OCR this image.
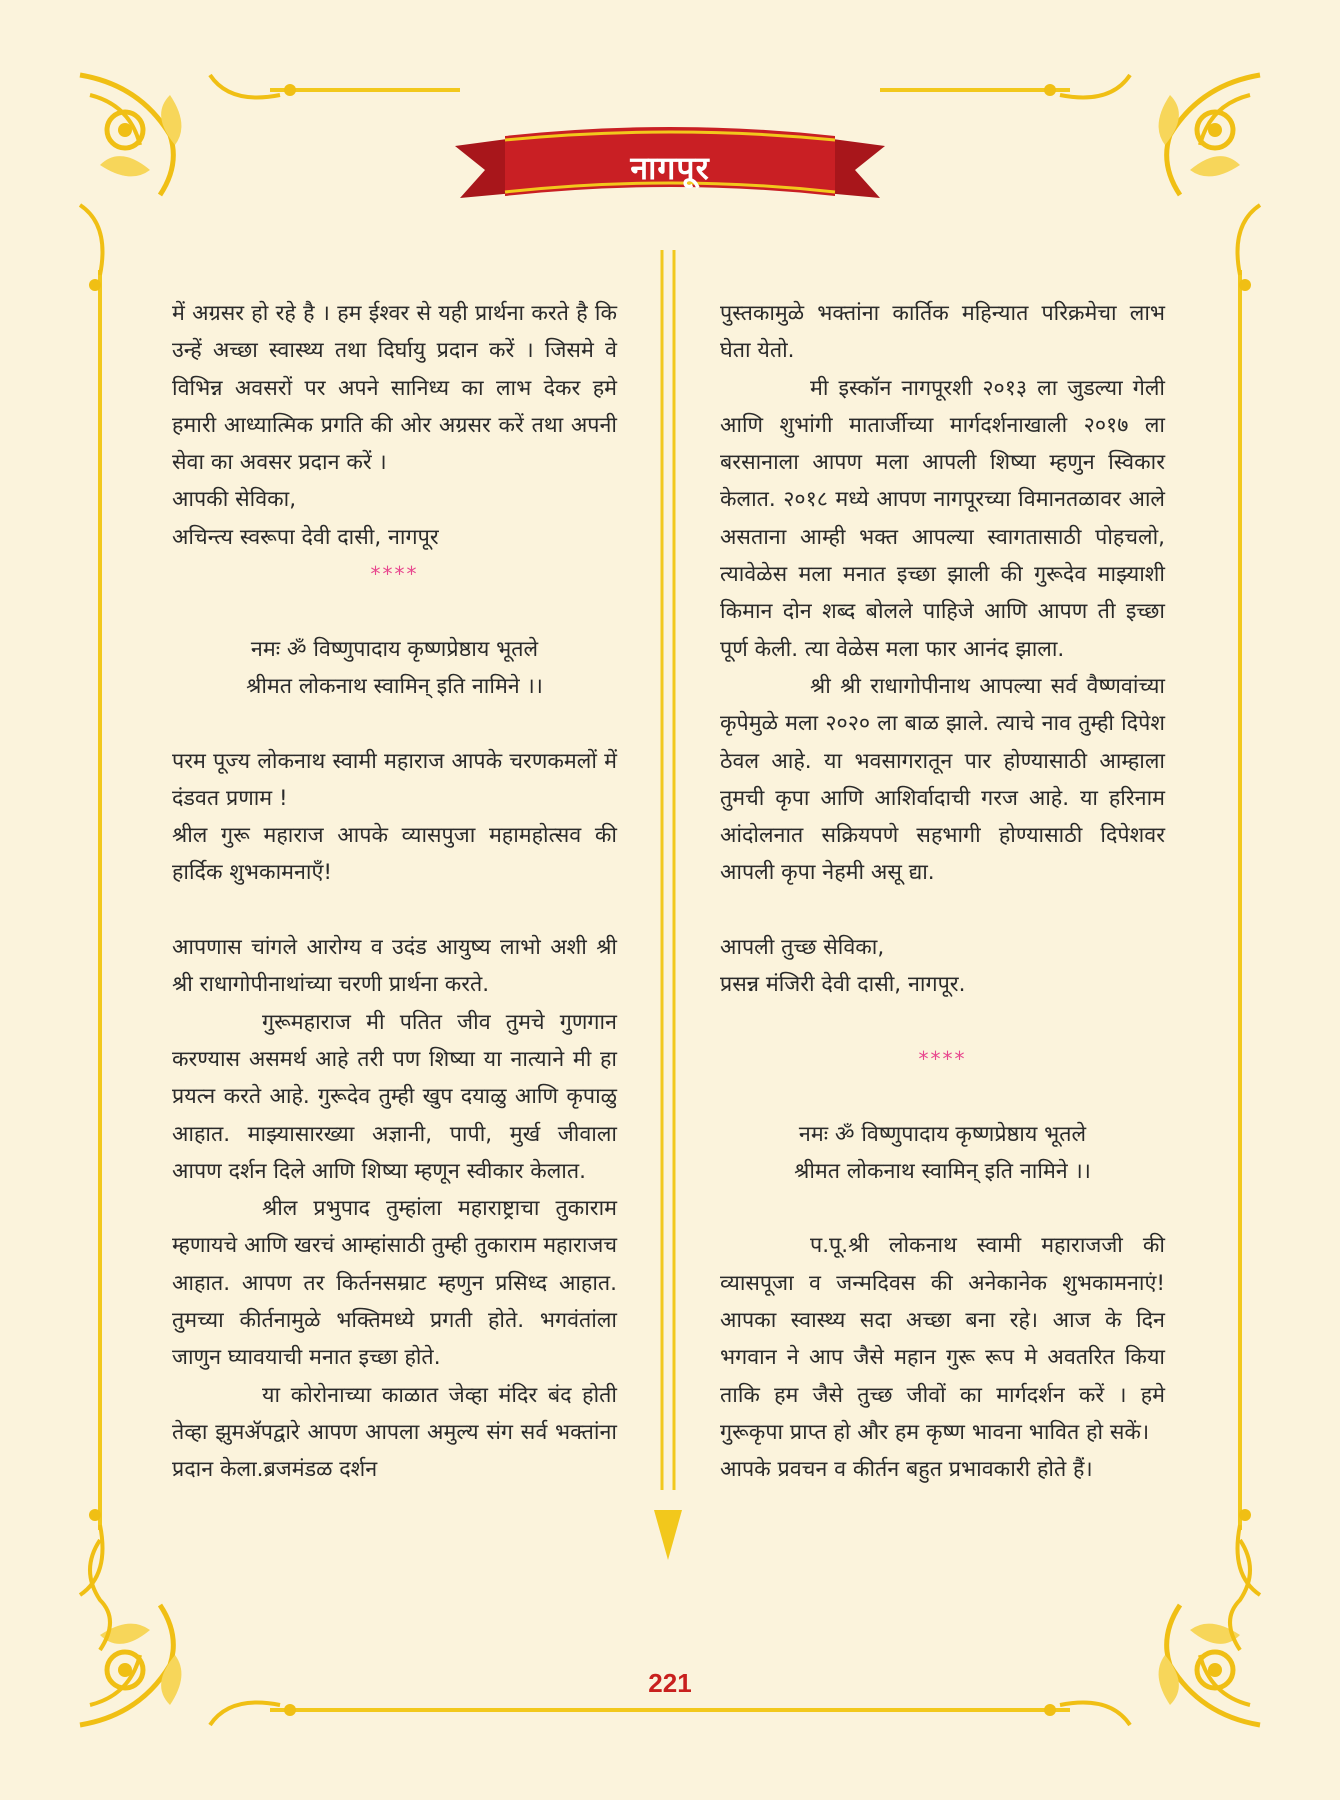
नागपूर

में अग्रसर हो रहे है । हम ईश्वर से यही प्रार्थना करते है कि उन्हें अच्छा स्वास्थ्य तथा दिर्घायु प्रदान करें । जिसमे वे विभिन्न अवसरों पर अपने सानिध्य का लाभ देकर हमे हमारी आध्यात्मिक प्रगति की ओर अग्रसर करें तथा अपनी सेवा का अवसर प्रदान करें ।

आपकी सेविका,

अचिन्त्य स्वरूपा देवी दासी, नागपूर

****

नमः ॐ विष्णुपादाय कृष्णप्रेष्ठाय भूतले

श्रीमत लोकनाथ स्वामिन् इति नामिने ।।

परम पूज्य लोकनाथ स्वामी महाराज आपके चरणकमलों में दंडवत प्रणाम !

श्रील गुरू महाराज आपके व्यासपुजा महामहोत्सव की हार्दिक शुभकामनाएँ!

आपणास चांगले आरोग्य व उदंड आयुष्य लाभो अशी श्री श्री राधागोपीनाथांच्या चरणी प्रार्थना करते.

गुरूमहाराज मी पतित जीव तुमचे गुणगान करण्यास असमर्थ आहे तरी पण शिष्या या नात्याने मी हा प्रयत्न करते आहे. गुरूदेव तुम्ही खुप दयाळु आणि कृपाळु आहात. माझ्यासारख्या अज्ञानी, पापी, मुर्ख जीवाला आपण दर्शन दिले आणि शिष्या म्हणून स्वीकार केलात.

श्रील प्रभुपाद तुम्हांला महाराष्ट्राचा तुकाराम म्हणायचे आणि खरचं आम्हांसाठी तुम्ही तुकाराम महाराजच आहात. आपण तर किर्तनसम्राट म्हणुन प्रसिध्द आहात. तुमच्या कीर्तनामुळे भक्तिमध्ये प्रगती होते. भगवंतांला जाणुन घ्यावयाची मनात इच्छा होते.

या कोरोनाच्या काळात जेव्हा मंदिर बंद होती तेव्हा झुमॲपद्वारे आपण आपला अमुल्य संग सर्व भक्तांना प्रदान केला.ब्रजमंडळ दर्शन

पुस्तकामुळे भक्तांना कार्तिक महिन्यात परिक्रमेचा लाभ घेता येतो.

मी इस्कॉन नागपूरशी २०१३ ला जुडल्या गेली आणि शुभांगी मातार्जीच्या मार्गदर्शनाखाली २०१७ ला बरसानाला आपण मला आपली शिष्या म्हणुन स्विकार केलात. २०१८ मध्ये आपण नागपूरच्या विमानतळावर आले असताना आम्ही भक्त आपल्या स्वागतासाठी पोहचलो, त्यावेळेस मला मनात इच्छा झाली की गुरूदेव माझ्याशी किमान दोन शब्द बोलले पाहिजे आणि आपण ती इच्छा पूर्ण केली. त्या वेळेस मला फार आनंद झाला.

श्री श्री राधागोपीनाथ आपल्या सर्व वैष्णवांच्या कृपेमुळे मला २०२० ला बाळ झाले. त्याचे नाव तुम्ही दिपेश ठेवल आहे. या भवसागरातून पार होण्यासाठी आम्हाला तुमची कृपा आणि आशिर्वादाची गरज आहे. या हरिनाम आंदोलनात सक्रियपणे सहभागी होण्यासाठी दिपेशवर आपली कृपा नेहमी असू द्या.

आपली तुच्छ सेविका,

प्रसन्न मंजिरी देवी दासी, नागपूर.

****

नमः ॐ विष्णुपादाय कृष्णप्रेष्ठाय भूतले

श्रीमत लोकनाथ स्वामिन् इति नामिने ।।

प.पू.श्री लोकनाथ स्वामी महाराजजी की व्यासपूजा व जन्मदिवस की अनेकानेक शुभकामनाएं! आपका स्वास्थ्य सदा अच्छा बना रहे। आज के दिन भगवान ने आप जैसे महान गुरू रूप मे अवतरित किया ताकि हम जैसे तुच्छ जीवों का मार्गदर्शन करें । हमे गुरूकृपा प्राप्त हो और हम कृष्ण भावना भावित हो सकें।

आपके प्रवचन व कीर्तन बहुत प्रभावकारी होते हैं।

221
